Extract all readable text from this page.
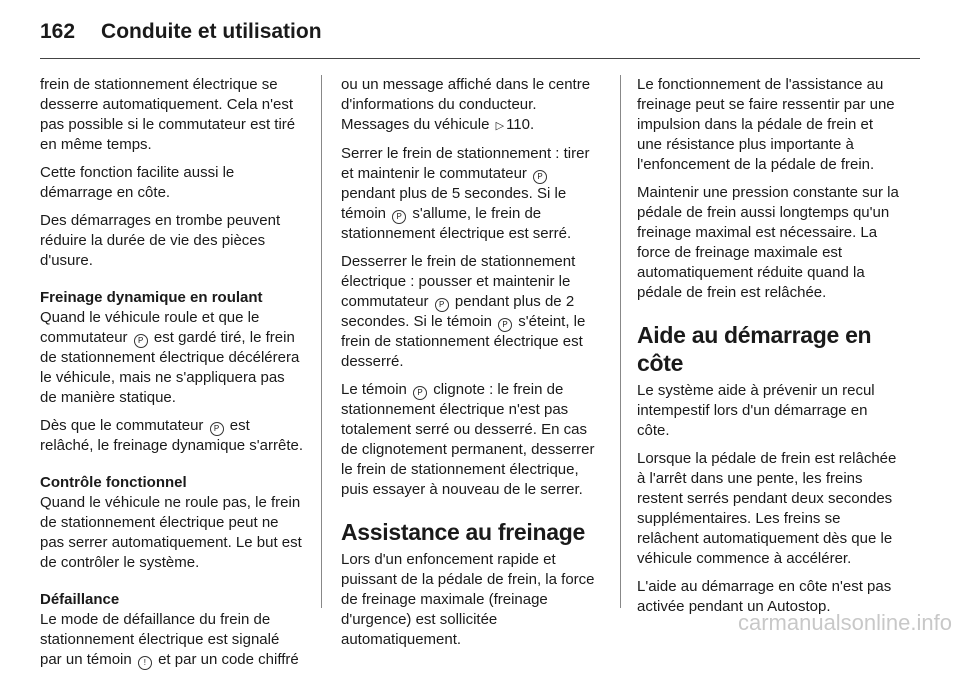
162 Conduite et utilisation

frein de stationnement électrique se desserre automatiquement. Cela n'est pas possible si le commutateur est tiré en même temps.

Cette fonction facilite aussi le démarrage en côte.

Des démarrages en trombe peuvent réduire la durée de vie des pièces d'usure.

Freinage dynamique en roulant

Quand le véhicule roule et que le commutateur P est gardé tiré, le frein de stationnement électrique décélérera le véhicule, mais ne s'appliquera pas de manière statique.

Dès que le commutateur P est relâché, le freinage dynamique s'arrête.

Contrôle fonctionnel

Quand le véhicule ne roule pas, le frein de stationnement électrique peut ne pas serrer automatiquement. Le but est de contrôler le système.

Défaillance

Le mode de défaillance du frein de stationnement électrique est signalé par un témoin ! et par un code chiffré

ou un message affiché dans le centre d'informations du conducteur. Messages du véhicule ▷ 110.

Serrer le frein de stationnement : tirer et maintenir le commutateur P pendant plus de 5 secondes. Si le témoin P s'allume, le frein de stationnement électrique est serré.

Desserrer le frein de stationnement électrique : pousser et maintenir le commutateur P pendant plus de 2 secondes. Si le témoin P s'éteint, le frein de stationnement électrique est desserré.

Le témoin P clignote : le frein de stationnement électrique n'est pas totalement serré ou desserré. En cas de clignotement permanent, desserrer le frein de stationnement électrique, puis essayer à nouveau de le serrer.

Assistance au freinage

Lors d'un enfoncement rapide et puissant de la pédale de frein, la force de freinage maximale (freinage d'urgence) est sollicitée automatiquement.

Le fonctionnement de l'assistance au freinage peut se faire ressentir par une impulsion dans la pédale de frein et une résistance plus importante à l'enfoncement de la pédale de frein.

Maintenir une pression constante sur la pédale de frein aussi longtemps qu'un freinage maximal est nécessaire. La force de freinage maximale est automatiquement réduite quand la pédale de frein est relâchée.

Aide au démarrage en côte

Le système aide à prévenir un recul intempestif lors d'un démarrage en côte.

Lorsque la pédale de frein est relâchée à l'arrêt dans une pente, les freins restent serrés pendant deux secondes supplémentaires. Les freins se relâchent automatiquement dès que le véhicule commence à accélérer.

L'aide au démarrage en côte n'est pas activée pendant un Autostop.

carmanualsonline.info
